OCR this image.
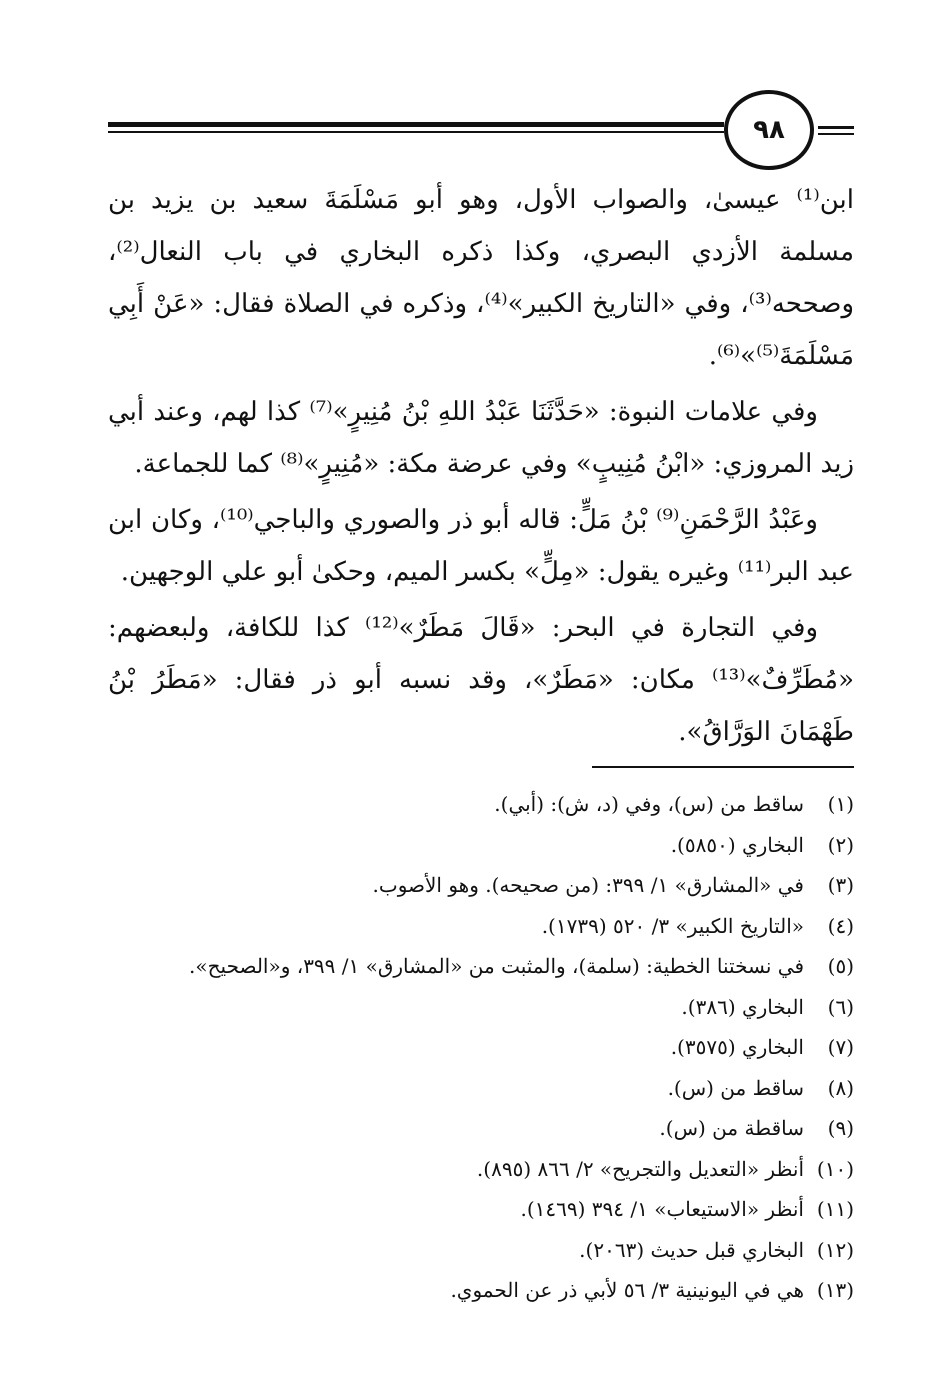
٩٨

ابن⁽¹⁾ عيسىٰ، والصواب الأول، وهو أبو مَسْلَمَةَ سعيد بن يزيد بن مسلمة الأزدي البصري، وكذا ذكره البخاري في باب النعال⁽²⁾، وصححه⁽³⁾، وفي «التاريخ الكبير»⁽⁴⁾، وذكره في الصلاة فقال: «عَنْ أَبِي مَسْلَمَةَ⁽⁵⁾»⁽⁶⁾.

وفي علامات النبوة: «حَدَّثَنَا عَبْدُ اللهِ بْنُ مُنِيرٍ»⁽⁷⁾ كذا لهم، وعند أبي زيد المروزي: «ابْنُ مُنِيبٍ» وفي عرضة مكة: «مُنِيرٍ»⁽⁸⁾ كما للجماعة.

وعَبْدُ الرَّحْمَنِ⁽⁹⁾ بْنُ مَلٍّ: قاله أبو ذر والصوري والباجي⁽¹⁰⁾، وكان ابن عبد البر⁽¹¹⁾ وغيره يقول: «مِلٍّ» بكسر الميم، وحكىٰ أبو علي الوجهين.

وفي التجارة في البحر: «قَالَ مَطَرٌ»⁽¹²⁾ كذا للكافة، ولبعضهم: «مُطَرِّفٌ»⁽¹³⁾ مكان: «مَطَرٌ»، وقد نسبه أبو ذر فقال: «مَطَرُ بْنُ طَهْمَانَ الوَرَّاقُ».

(١)ساقط من (س)، وفي (د، ش): (أبي).
(٢)البخاري (٥٨٥٠).
(٣)في «المشارق» ١/ ٣٩٩: (من صحيحه). وهو الأصوب.
(٤)«التاريخ الكبير» ٣/ ٥٢٠ (١٧٣٩).
(٥)في نسختنا الخطية: (سلمة)، والمثبت من «المشارق» ١/ ٣٩٩، و«الصحيح».
(٦)البخاري (٣٨٦).
(٧)البخاري (٣٥٧٥).
(٨)ساقط من (س).
(٩)ساقطة من (س).
(١٠)أنظر «التعديل والتجريح» ٢/ ٨٦٦ (٨٩٥).
(١١)أنظر «الاستيعاب» ١/ ٣٩٤ (١٤٦٩).
(١٢)البخاري قبل حديث (٢٠٦٣).
(١٣)هي في اليونينية ٣/ ٥٦ لأبي ذر عن الحموي.
